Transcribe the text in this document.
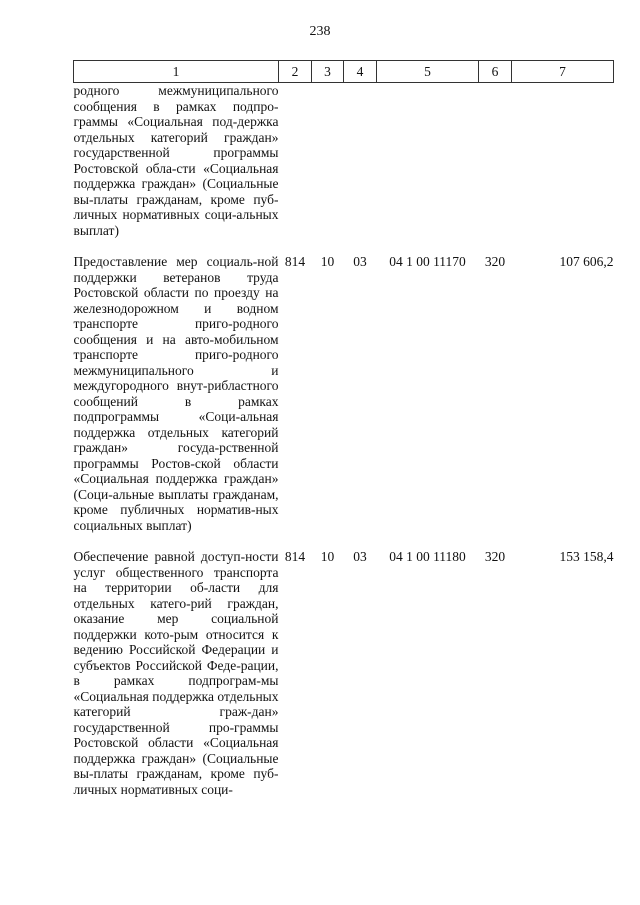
238
1	2	3	4	5	6	7
родного межмуниципального сообщения в рамках подпро-граммы «Социальная под-держка отдельных категорий граждан» государственной программы Ростовской обла-сти «Социальная поддержка граждан» (Социальные вы-платы гражданам, кроме пуб-личных нормативных соци-альных выплат)						

Предоставление мер социаль-ной поддержки ветеранов труда Ростовской области по проезду на железнодорожном и водном транспорте приго-родного сообщения и на авто-мобильном транспорте приго-родного межмуниципального и междугородного внут-рибластного сообщений в рамках подпрограммы «Соци-альная поддержка отдельных категорий граждан» госуда-рственной программы Ростов-ской области «Социальная поддержка граждан» (Соци-альные выплаты гражданам, кроме публичных норматив-ных социальных выплат)	814	10	03	04 1 00 11170	320	107 606,2

Обеспечение равной доступ-ности услуг общественного транспорта на территории об-ласти для отдельных катего-рий граждан, оказание мер социальной поддержки кото-рым относится к ведению Российской Федерации и субъектов Российской Феде-рации, в рамках подпрограм-мы «Социальная поддержка отдельных категорий граж-дан» государственной про-граммы Ростовской области «Социальная поддержка граждан» (Социальные вы-платы гражданам, кроме пуб-личных нормативных соци-	814	10	03	04 1 00 11180	320	153 158,4
